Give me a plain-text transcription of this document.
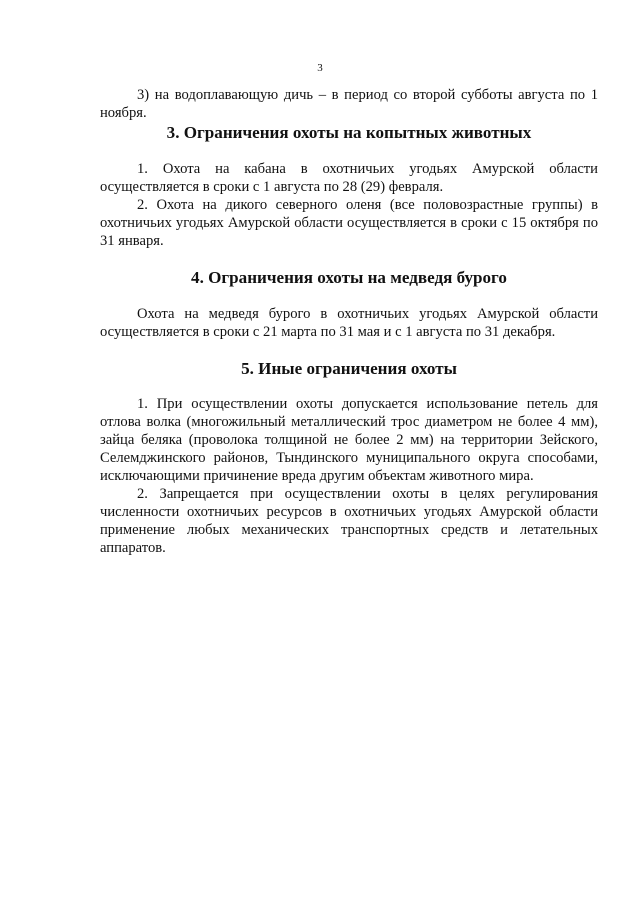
3

3) на водоплавающую дичь – в период со второй субботы августа по 1 ноября.

3. Ограничения охоты на копытных животных

1. Охота на кабана в охотничьих угодьях Амурской области осуществляется в сроки с 1 августа по 28 (29) февраля.

2. Охота на дикого северного оленя (все половозрастные группы) в охотничьих угодьях Амурской области осуществляется в сроки с 15 октября по 31 января.

4. Ограничения охоты на медведя бурого

Охота на медведя бурого в охотничьих угодьях Амурской области осуществляется в сроки с 21 марта по 31 мая и с 1 августа по 31 декабря.

5. Иные ограничения охоты

1. При осуществлении охоты допускается использование петель для отлова волка (многожильный металлический трос диаметром не более 4 мм), зайца беляка (проволока толщиной не более 2 мм) на территории Зейского, Селемджинского районов, Тындинского муниципального округа способами, исключающими причинение вреда другим объектам животного мира.

2. Запрещается при осуществлении охоты в целях регулирования численности охотничьих ресурсов в охотничьих угодьях Амурской области применение любых механических транспортных средств и летательных аппаратов.
